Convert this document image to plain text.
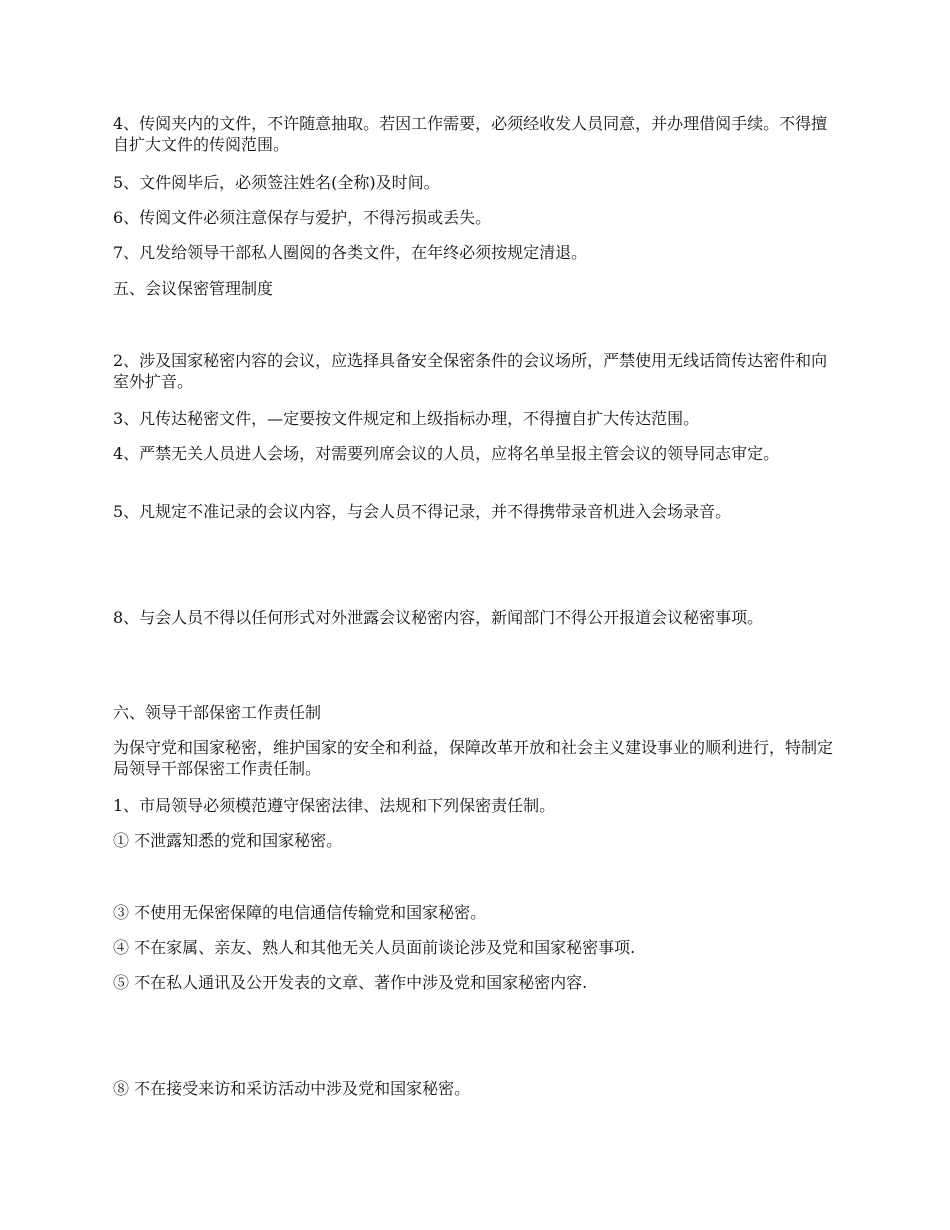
4、传阅夹内的文件，不许随意抽取。若因工作需要，必须经收发人员同意，并办理借阅手续。不得擅自扩大文件的传阅范围。

5、文件阅毕后，必须签注姓名(全称)及时间。

6、传阅文件必须注意保存与爱护，不得污损或丢失。

7、凡发给领导干部私人圈阅的各类文件，在年终必须按规定清退。

五、会议保密管理制度

2、涉及国家秘密内容的会议，应选择具备安全保密条件的会议场所，严禁使用无线话筒传达密件和向室外扩音。

3、凡传达秘密文件，—定要按文件规定和上级指标办理，不得擅自扩大传达范围。

4、严禁无关人员进人会场，对需要列席会议的人员，应将名单呈报主管会议的领导同志审定。

5、凡规定不准记录的会议内容，与会人员不得记录，并不得携带录音机进入会场录音。

8、与会人员不得以任何形式对外泄露会议秘密内容，新闻部门不得公开报道会议秘密事项。

六、领导干部保密工作责任制

为保守党和国家秘密，维护国家的安全和利益，保障改革开放和社会主义建设事业的顺利进行，特制定局领导干部保密工作责任制。

1、市局领导必须模范遵守保密法律、法规和下列保密责任制。

① 不泄露知悉的党和国家秘密。

③ 不使用无保密保障的电信通信传输党和国家秘密。

④ 不在家属、亲友、熟人和其他无关人员面前谈论涉及党和国家秘密事项.

⑤ 不在私人通讯及公开发表的文章、著作中涉及党和国家秘密内容.

⑧ 不在接受来访和采访活动中涉及党和国家秘密。
